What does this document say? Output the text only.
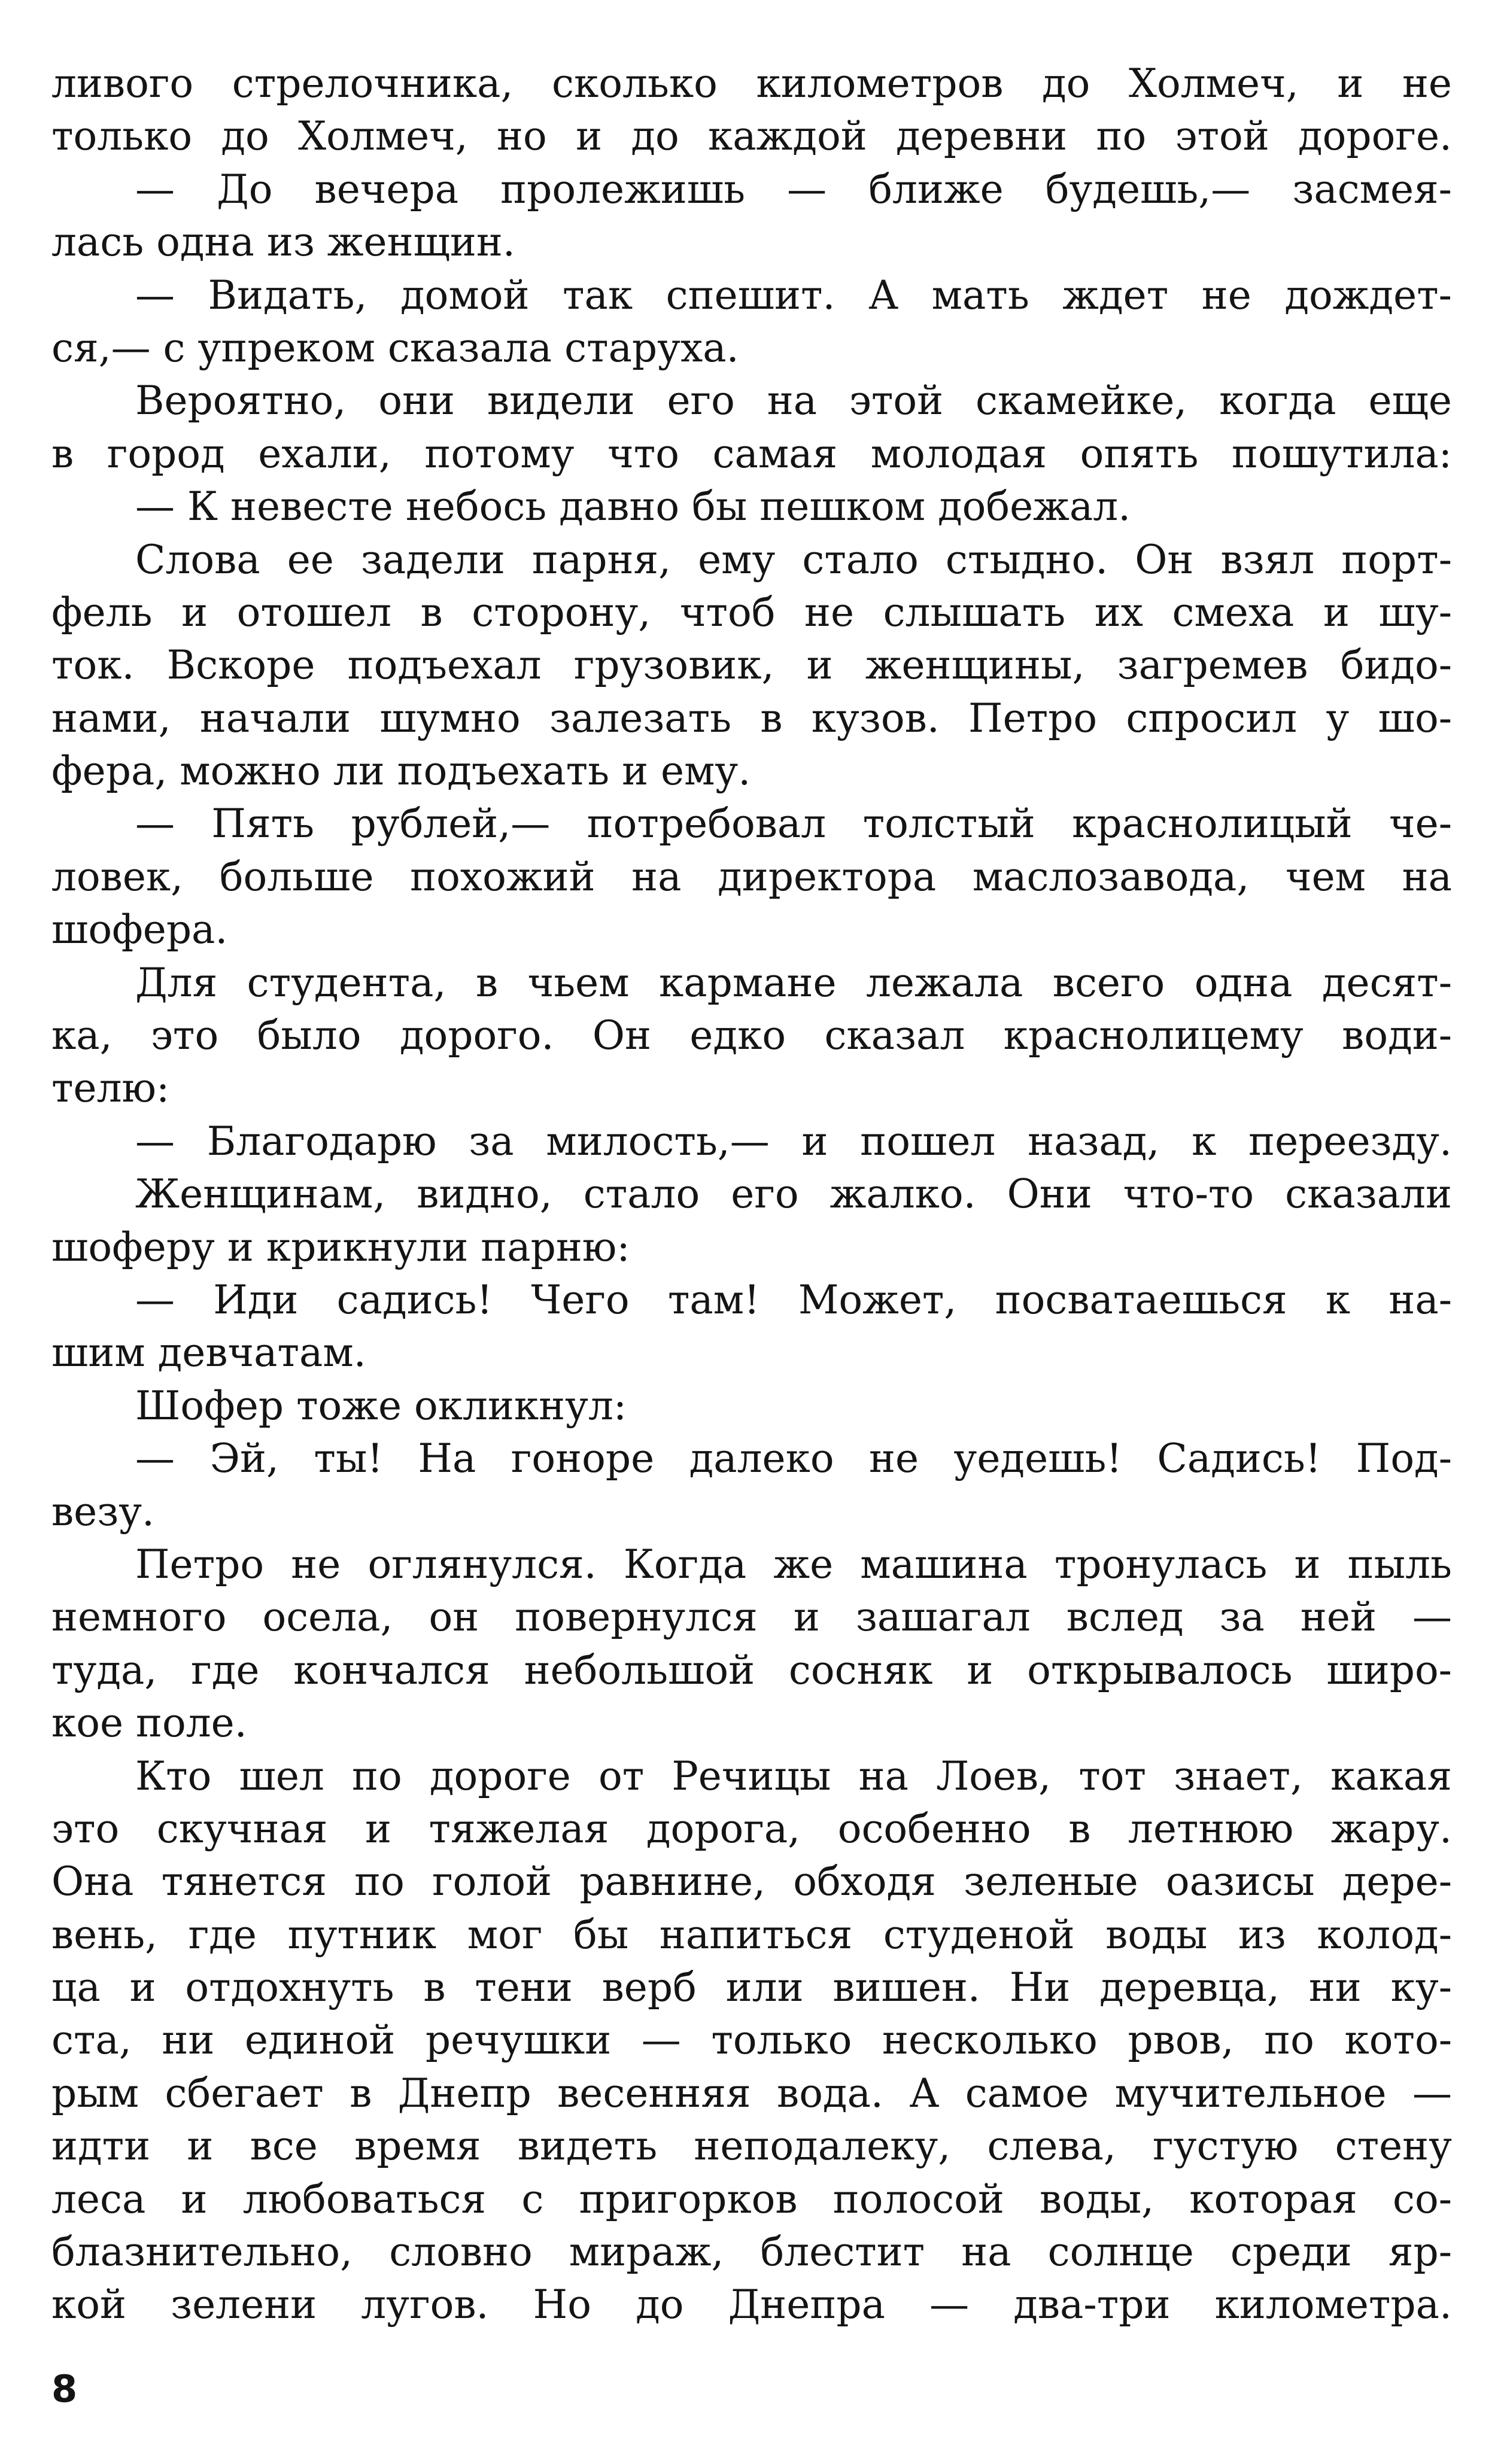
ливого стрелочника, сколько километров до Холмеч, и не
только до Холмеч, но и до каждой деревни по этой дороге.
— До вечера пролежишь — ближе будешь,— засмея-
лась одна из женщин.
— Видать, домой так спешит. А мать ждет не дождет-
ся,— с упреком сказала старуха.
Вероятно, они видели его на этой скамейке, когда еще
в город ехали, потому что самая молодая опять пошутила:
— К невесте небось давно бы пешком добежал.
Слова ее задели парня, ему стало стыдно. Он взял порт-
фель и отошел в сторону, чтоб не слышать их смеха и шу-
ток. Вскоре подъехал грузовик, и женщины, загремев бидо-
нами, начали шумно залезать в кузов. Петро спросил у шо-
фера, можно ли подъехать и ему.
— Пять рублей,— потребовал толстый краснолицый че-
ловек, больше похожий на директора маслозавода, чем на
шофера.
Для студента, в чьем кармане лежала всего одна десят-
ка, это было дорого. Он едко сказал краснолицему води-
телю:
— Благодарю за милость,— и пошел назад, к переезду.
Женщинам, видно, стало его жалко. Они что-то сказали
шоферу и крикнули парню:
— Иди садись! Чего там! Может, посватаешься к на-
шим девчатам.
Шофер тоже окликнул:
— Эй, ты! На гоноре далеко не уедешь! Садись! Под-
везу.
Петро не оглянулся. Когда же машина тронулась и пыль
немного осела, он повернулся и зашагал вслед за ней —
туда, где кончался небольшой сосняк и открывалось широ-
кое поле.
Кто шел по дороге от Речицы на Лоев, тот знает, какая
это скучная и тяжелая дорога, особенно в летнюю жару.
Она тянется по голой равнине, обходя зеленые оазисы дере-
вень, где путник мог бы напиться студеной воды из колод-
ца и отдохнуть в тени верб или вишен. Ни деревца, ни ку-
ста, ни единой речушки — только несколько рвов, по кото-
рым сбегает в Днепр весенняя вода. А самое мучительное —
идти и все время видеть неподалеку, слева, густую стену
леса и любоваться с пригорков полосой воды, которая со-
блазнительно, словно мираж, блестит на солнце среди яр-
кой зелени лугов. Но до Днепра — два-три километра.
8
